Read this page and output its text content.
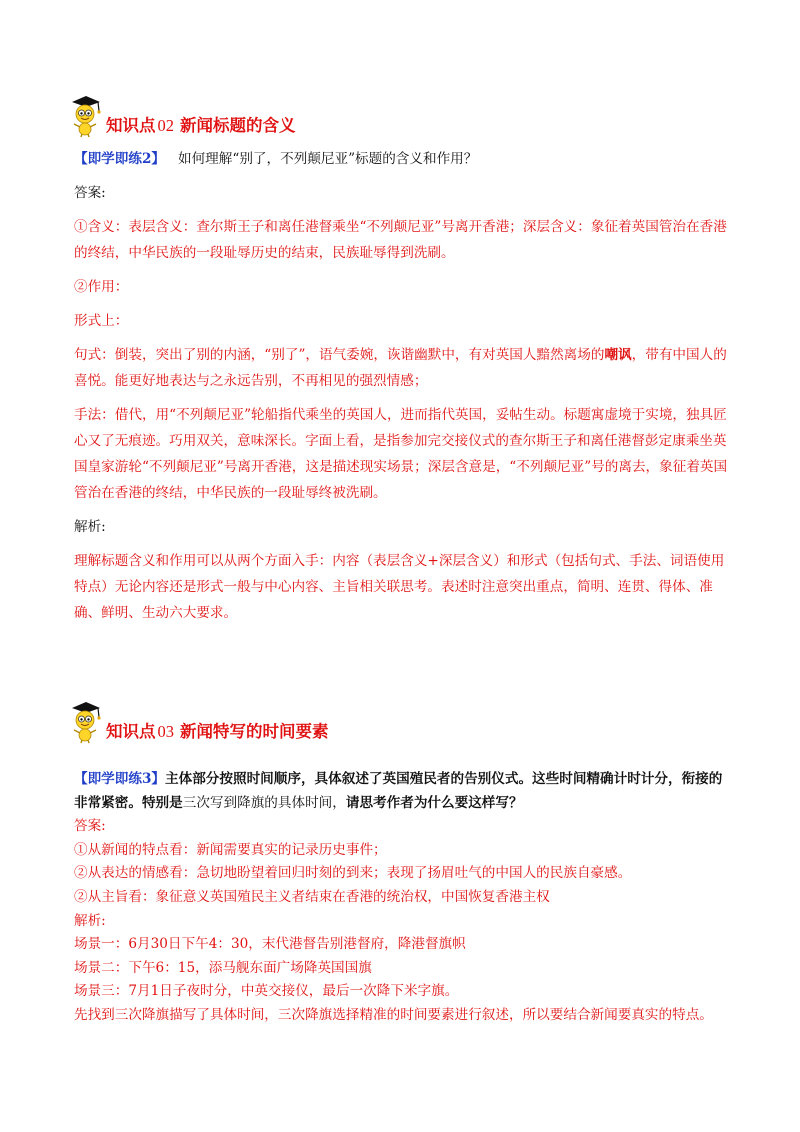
知识点 02 新闻标题的含义

【即学即练2】 如何理解“别了，不列颠尼亚”标题的含义和作用？

答案:

①含义：表层含义：查尔斯王子和离任港督乘坐“不列颠尼亚”号离开香港；深层含义：象征着英国管治在香港的终结，中华民族的一段耻辱历史的结束，民族耻辱得到洗刷。

②作用：

形式上：

句式：倒装，突出了别的内涵，“别了”，语气委婉，诙谐幽默中，有对英国人黯然离场的嘲讽，带有中国人的喜悦。能更好地表达与之永远告别，不再相见的强烈情感；

手法：借代，用“不列颠尼亚”轮船指代乘坐的英国人，进而指代英国，妥帖生动。标题寓虚境于实境，独具匠心又了无痕迹。巧用双关，意味深长。字面上看，是指参加完交接仪式的查尔斯王子和离任港督彭定康乘坐英国皇家游轮“不列颠尼亚”号离开香港，这是描述现实场景；深层含意是，“不列颠尼亚”号的离去，象征着英国管治在香港的终结，中华民族的一段耻辱终被洗刷。

解析:

理解标题含义和作用可以从两个方面入手：内容（表层含义+深层含义）和形式（包括句式、手法、词语使用特点）无论内容还是形式一般与中心内容、主旨相关联思考。表述时注意突出重点，简明、连贯、得体、准确、鲜明、生动六大要求。

知识点 03 新闻特写的时间要素

【即学即练3】主体部分按照时间顺序，具体叙述了英国殖民者的告别仪式。这些时间精确计时计分，衔接的非常紧密。特别是三次写到降旗的具体时间，请思考作者为什么要这样写？

答案:

①从新闻的特点看：新闻需要真实的记录历史事件；

②从表达的情感看：急切地盼望着回归时刻的到来；表现了扬眉吐气的中国人的民族自豪感。

②从主旨看：象征意义英国殖民主义者结束在香港的统治权，中国恢复香港主权

解析:

场景一：6月30日下午4：30，末代港督告别港督府，降港督旗帜

场景二：下午6：15，添马舰东面广场降英国国旗

场景三：7月1日子夜时分，中英交接仪，最后一次降下米字旗。

先找到三次降旗描写了具体时间，三次降旗选择精准的时间要素进行叙述，所以要结合新闻要真实的特点。
